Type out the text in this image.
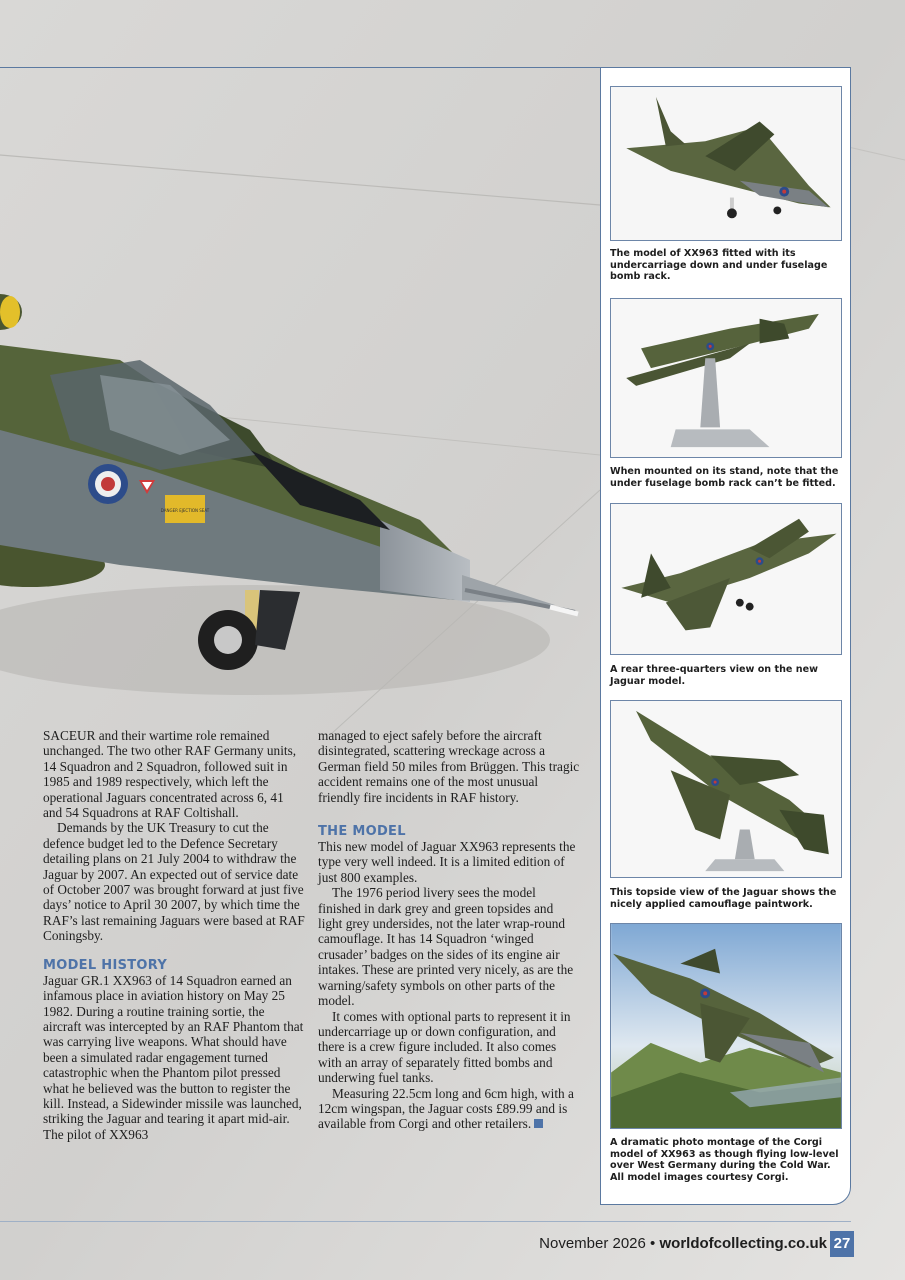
DANGER EJECTION SEAT
The model of XX963 fitted with its undercarriage down and under fuselage bomb rack.
When mounted on its stand, note that the under fuselage bomb rack can’t be fitted.
A rear three-quarters view on the new Jaguar model.
This topside view of the Jaguar shows the nicely applied camouflage paintwork.
A dramatic photo montage of the Corgi model of XX963 as though flying low-level over West Germany during the Cold War. All model images courtesy Corgi.

SACEUR and their wartime role remained unchanged. The two other RAF Germany units, 14 Squadron and 2 Squadron, followed suit in 1985 and 1989 respectively, which left the operational Jaguars concentrated across 6, 41 and 54 Squadrons at RAF Coltishall.

Demands by the UK Treasury to cut the defence budget led to the Defence Secretary detailing plans on 21 July 2004 to withdraw the Jaguar by 2007. An expected out of service date of October 2007 was brought forward at just five days’ notice to April 30 2007, by which time the RAF’s last remaining Jaguars were based at RAF Coningsby.

MODEL HISTORY

Jaguar GR.1 XX963 of 14 Squadron earned an infamous place in aviation history on May 25 1982. During a routine training sortie, the aircraft was intercepted by an RAF Phantom that was carrying live weapons. What should have been a simulated radar engagement turned catastrophic when the Phantom pilot pressed what he believed was the button to register the kill. Instead, a Sidewinder missile was launched, striking the Jaguar and tearing it apart mid-air. The pilot of XX963

managed to eject safely before the aircraft disintegrated, scattering wreckage across a German field 50 miles from Brüggen. This tragic accident remains one of the most unusual friendly fire incidents in RAF history.

THE MODEL

This new model of Jaguar XX963 represents the type very well indeed. It is a limited edition of just 800 examples.

The 1976 period livery sees the model finished in dark grey and green topsides and light grey undersides, not the later wrap-round camouflage. It has 14 Squadron ‘winged crusader’ badges on the sides of its engine air intakes. These are printed very nicely, as are the warning/safety symbols on other parts of the model.

It comes with optional parts to represent it in undercarriage up or down configuration, and there is a crew figure included. It also comes with an array of separately fitted bombs and underwing fuel tanks.

Measuring 22.5cm long and 6cm high, with a 12cm wingspan, the Jaguar costs £89.99 and is available from Corgi and other retailers.

November 2026 • worldofcollecting.co.uk 27
